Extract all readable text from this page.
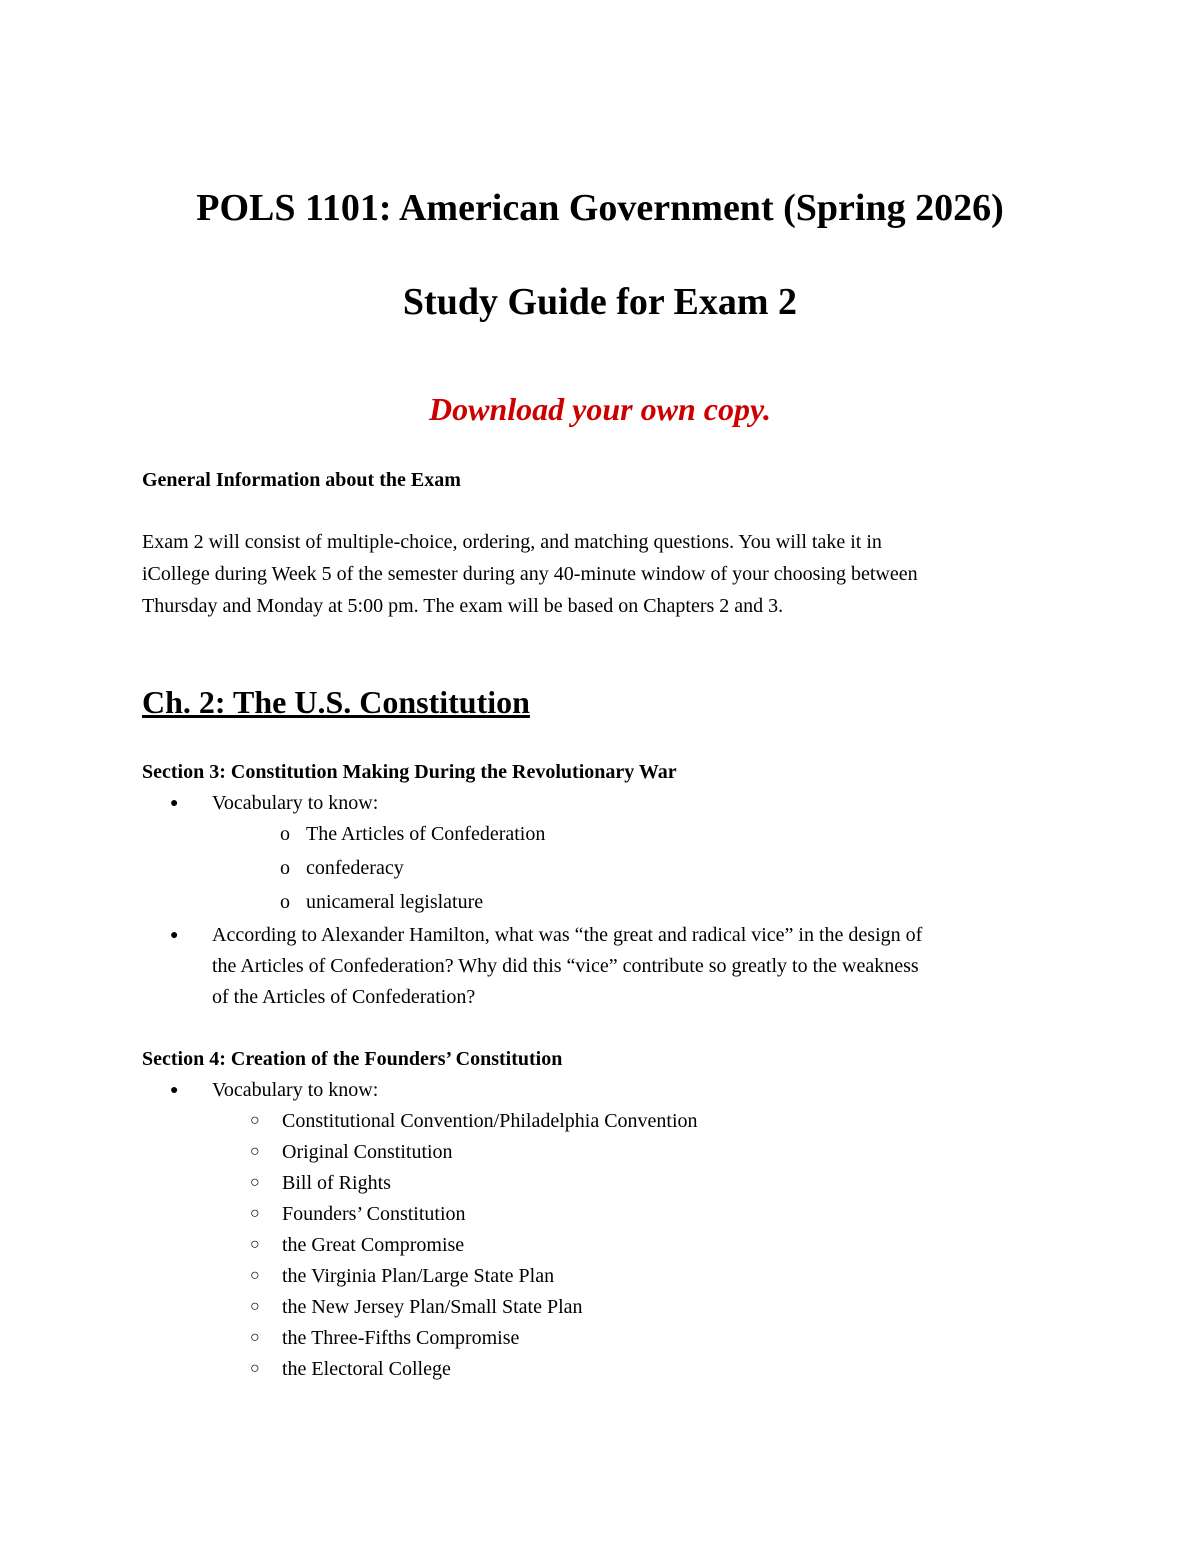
POLS 1101: American Government (Spring 2026)
Study Guide for Exam 2

Download your own copy.

General Information about the Exam

Exam 2 will consist of multiple-choice, ordering, and matching questions. You will take it in
iCollege during Week 5 of the semester during any 40-minute window of your choosing between
Thursday and Monday at 5:00 pm. The exam will be based on Chapters 2 and 3.
Ch. 2: The U.S. Constitution

Section 3: Constitution Making During the Revolutionary War

● Vocabulary to know:
o The Articles of Confederation
o confederacy
o unicameral legislature
● According to Alexander Hamilton, what was “the great and radical vice” in the design of
the Articles of Confederation? Why did this “vice” contribute so greatly to the weakness
of the Articles of Confederation?

Section 4: Creation of the Founders’ Constitution

● Vocabulary to know:
○ Constitutional Convention/Philadelphia Convention
○ Original Constitution
○ Bill of Rights
○ Founders’ Constitution
○ the Great Compromise
○ the Virginia Plan/Large State Plan
○ the New Jersey Plan/Small State Plan
○ the Three-Fifths Compromise
○ the Electoral College
